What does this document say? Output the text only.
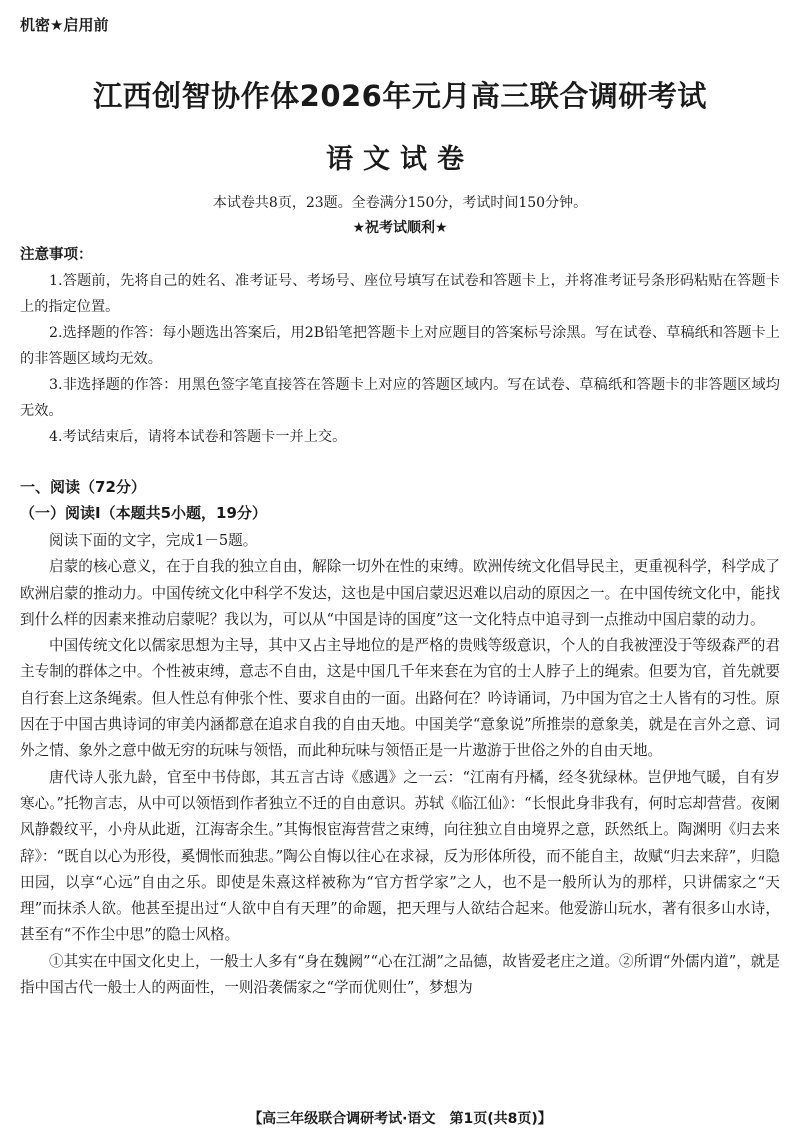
机密★启用前
江西创智协作体2026年元月高三联合调研考试
语文试卷
本试卷共8页，23题。全卷满分150分，考试时间150分钟。
★祝考试顺利★
注意事项：

1.答题前，先将自己的姓名、准考证号、考场号、座位号填写在试卷和答题卡上，并将准考证号条形码粘贴在答题卡上的指定位置。

2.选择题的作答：每小题选出答案后，用2B铅笔把答题卡上对应题目的答案标号涂黑。写在试卷、草稿纸和答题卡上的非答题区域均无效。

3.非选择题的作答：用黑色签字笔直接答在答题卡上对应的答题区域内。写在试卷、草稿纸和答题卡的非答题区域均无效。

4.考试结束后，请将本试卷和答题卡一并上交。

一、阅读（72分）
（一）阅读Ⅰ（本题共5小题，19分）

阅读下面的文字，完成1－5题。

启蒙的核心意义，在于自我的独立自由，解除一切外在性的束缚。欧洲传统文化倡导民主，更重视科学，科学成了欧洲启蒙的推动力。中国传统文化中科学不发达，这也是中国启蒙迟迟难以启动的原因之一。在中国传统文化中，能找到什么样的因素来推动启蒙呢？我以为，可以从“中国是诗的国度”这一文化特点中追寻到一点推动中国启蒙的动力。

中国传统文化以儒家思想为主导，其中又占主导地位的是严格的贵贱等级意识，个人的自我被湮没于等级森严的君主专制的群体之中。个性被束缚，意志不自由，这是中国几千年来套在为官的士人脖子上的绳索。但要为官，首先就要自行套上这条绳索。但人性总有伸张个性、要求自由的一面。出路何在？吟诗诵词，乃中国为官之士人皆有的习性。原因在于中国古典诗词的审美内涵都意在追求自我的自由天地。中国美学“意象说”所推崇的意象美，就是在言外之意、词外之情、象外之意中做无穷的玩味与领悟，而此种玩味与领悟正是一片遨游于世俗之外的自由天地。

唐代诗人张九龄，官至中书侍郎，其五言古诗《感遇》之一云：“江南有丹橘，经冬犹绿林。岂伊地气暖，自有岁寒心。”托物言志，从中可以领悟到作者独立不迁的自由意识。苏轼《临江仙》：“长恨此身非我有，何时忘却营营。夜阑风静縠纹平，小舟从此逝，江海寄余生。”其悔恨宦海营营之束缚，向往独立自由境界之意，跃然纸上。陶渊明《归去来辞》：“既自以心为形役，奚惆怅而独悲。”陶公自悔以往心在求禄，反为形体所役，而不能自主，故赋“归去来辞”，归隐田园，以享“心远”自由之乐。即使是朱熹这样被称为“官方哲学家”之人，也不是一般所认为的那样，只讲儒家之“天理”而抹杀人欲。他甚至提出过“人欲中自有天理”的命题，把天理与人欲结合起来。他爱游山玩水，著有很多山水诗，甚至有“不作尘中思”的隐士风格。

①其实在中国文化史上，一般士人多有“身在魏阙”“心在江湖”之品德，故皆爱老庄之道。②所谓“外儒内道”，就是指中国古代一般士人的两面性，一则沿袭儒家之“学而优则仕”，梦想为

【高三年级联合调研考试·语文　第1页(共8页)】
